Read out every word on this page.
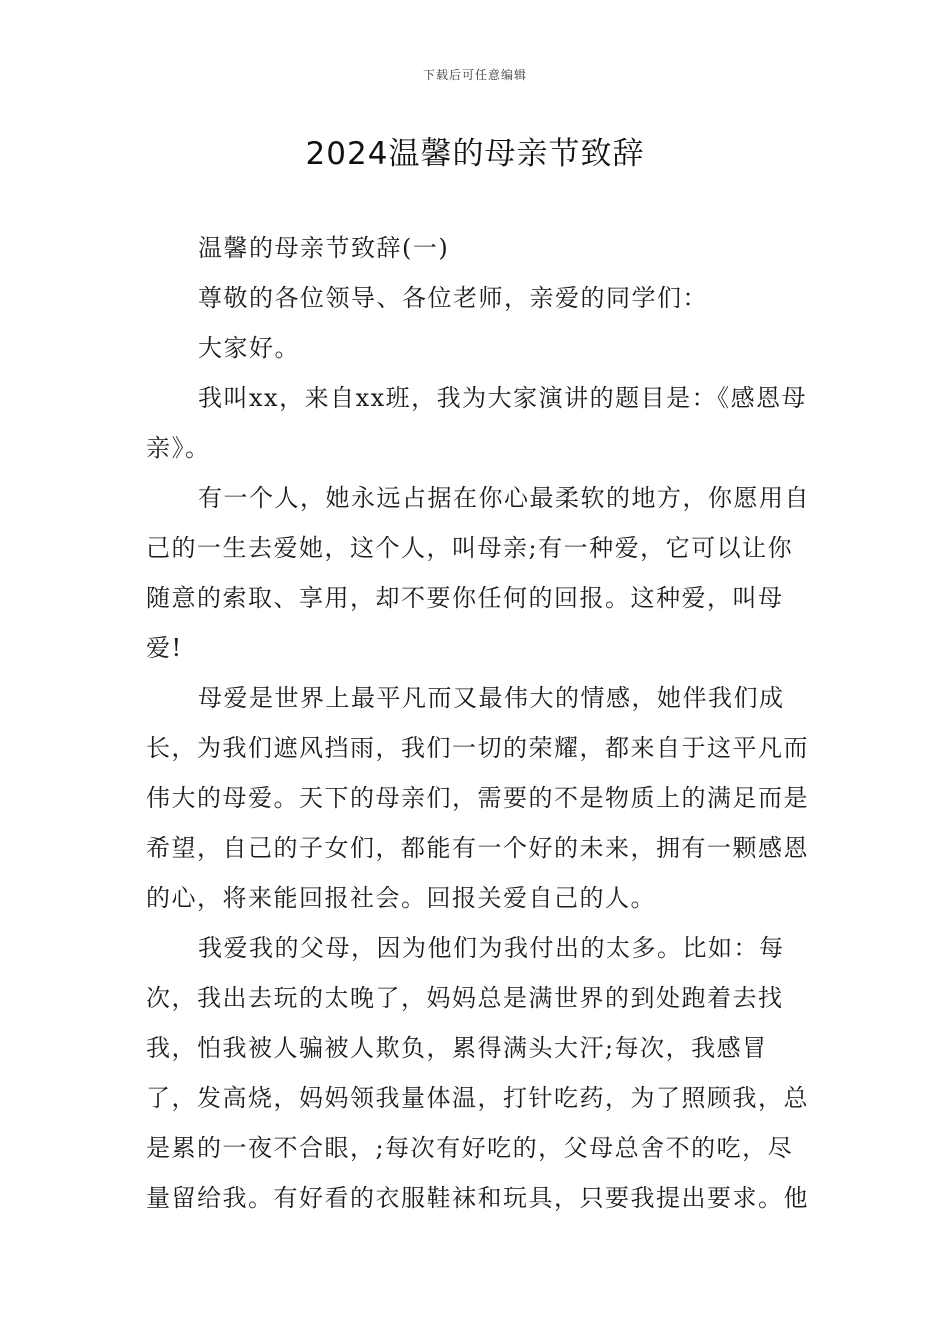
下载后可任意编辑
2024温馨的母亲节致辞

温馨的母亲节致辞(一)

尊敬的各位领导、各位老师，亲爱的同学们：

大家好。

我叫xx，来自xx班，我为大家演讲的题目是：《感恩母亲》。

有一个人，她永远占据在你心最柔软的地方，你愿用自己的一生去爱她，这个人，叫母亲;有一种爱，它可以让你随意的索取、享用，却不要你任何的回报。这种爱，叫母爱!

母爱是世界上最平凡而又最伟大的情感，她伴我们成长，为我们遮风挡雨，我们一切的荣耀，都来自于这平凡而伟大的母爱。天下的母亲们，需要的不是物质上的满足而是希望，自己的子女们，都能有一个好的未来，拥有一颗感恩的心，将来能回报社会。回报关爱自己的人。

我爱我的父母，因为他们为我付出的太多。比如：每次，我出去玩的太晚了，妈妈总是满世界的到处跑着去找我，怕我被人骗被人欺负，累得满头大汗;每次，我感冒了，发高烧，妈妈领我量体温，打针吃药，为了照顾我，总是累的一夜不合眼，;每次有好吃的，父母总舍不的吃，尽量留给我。有好看的衣服鞋袜和玩具，只要我提出要求。他
